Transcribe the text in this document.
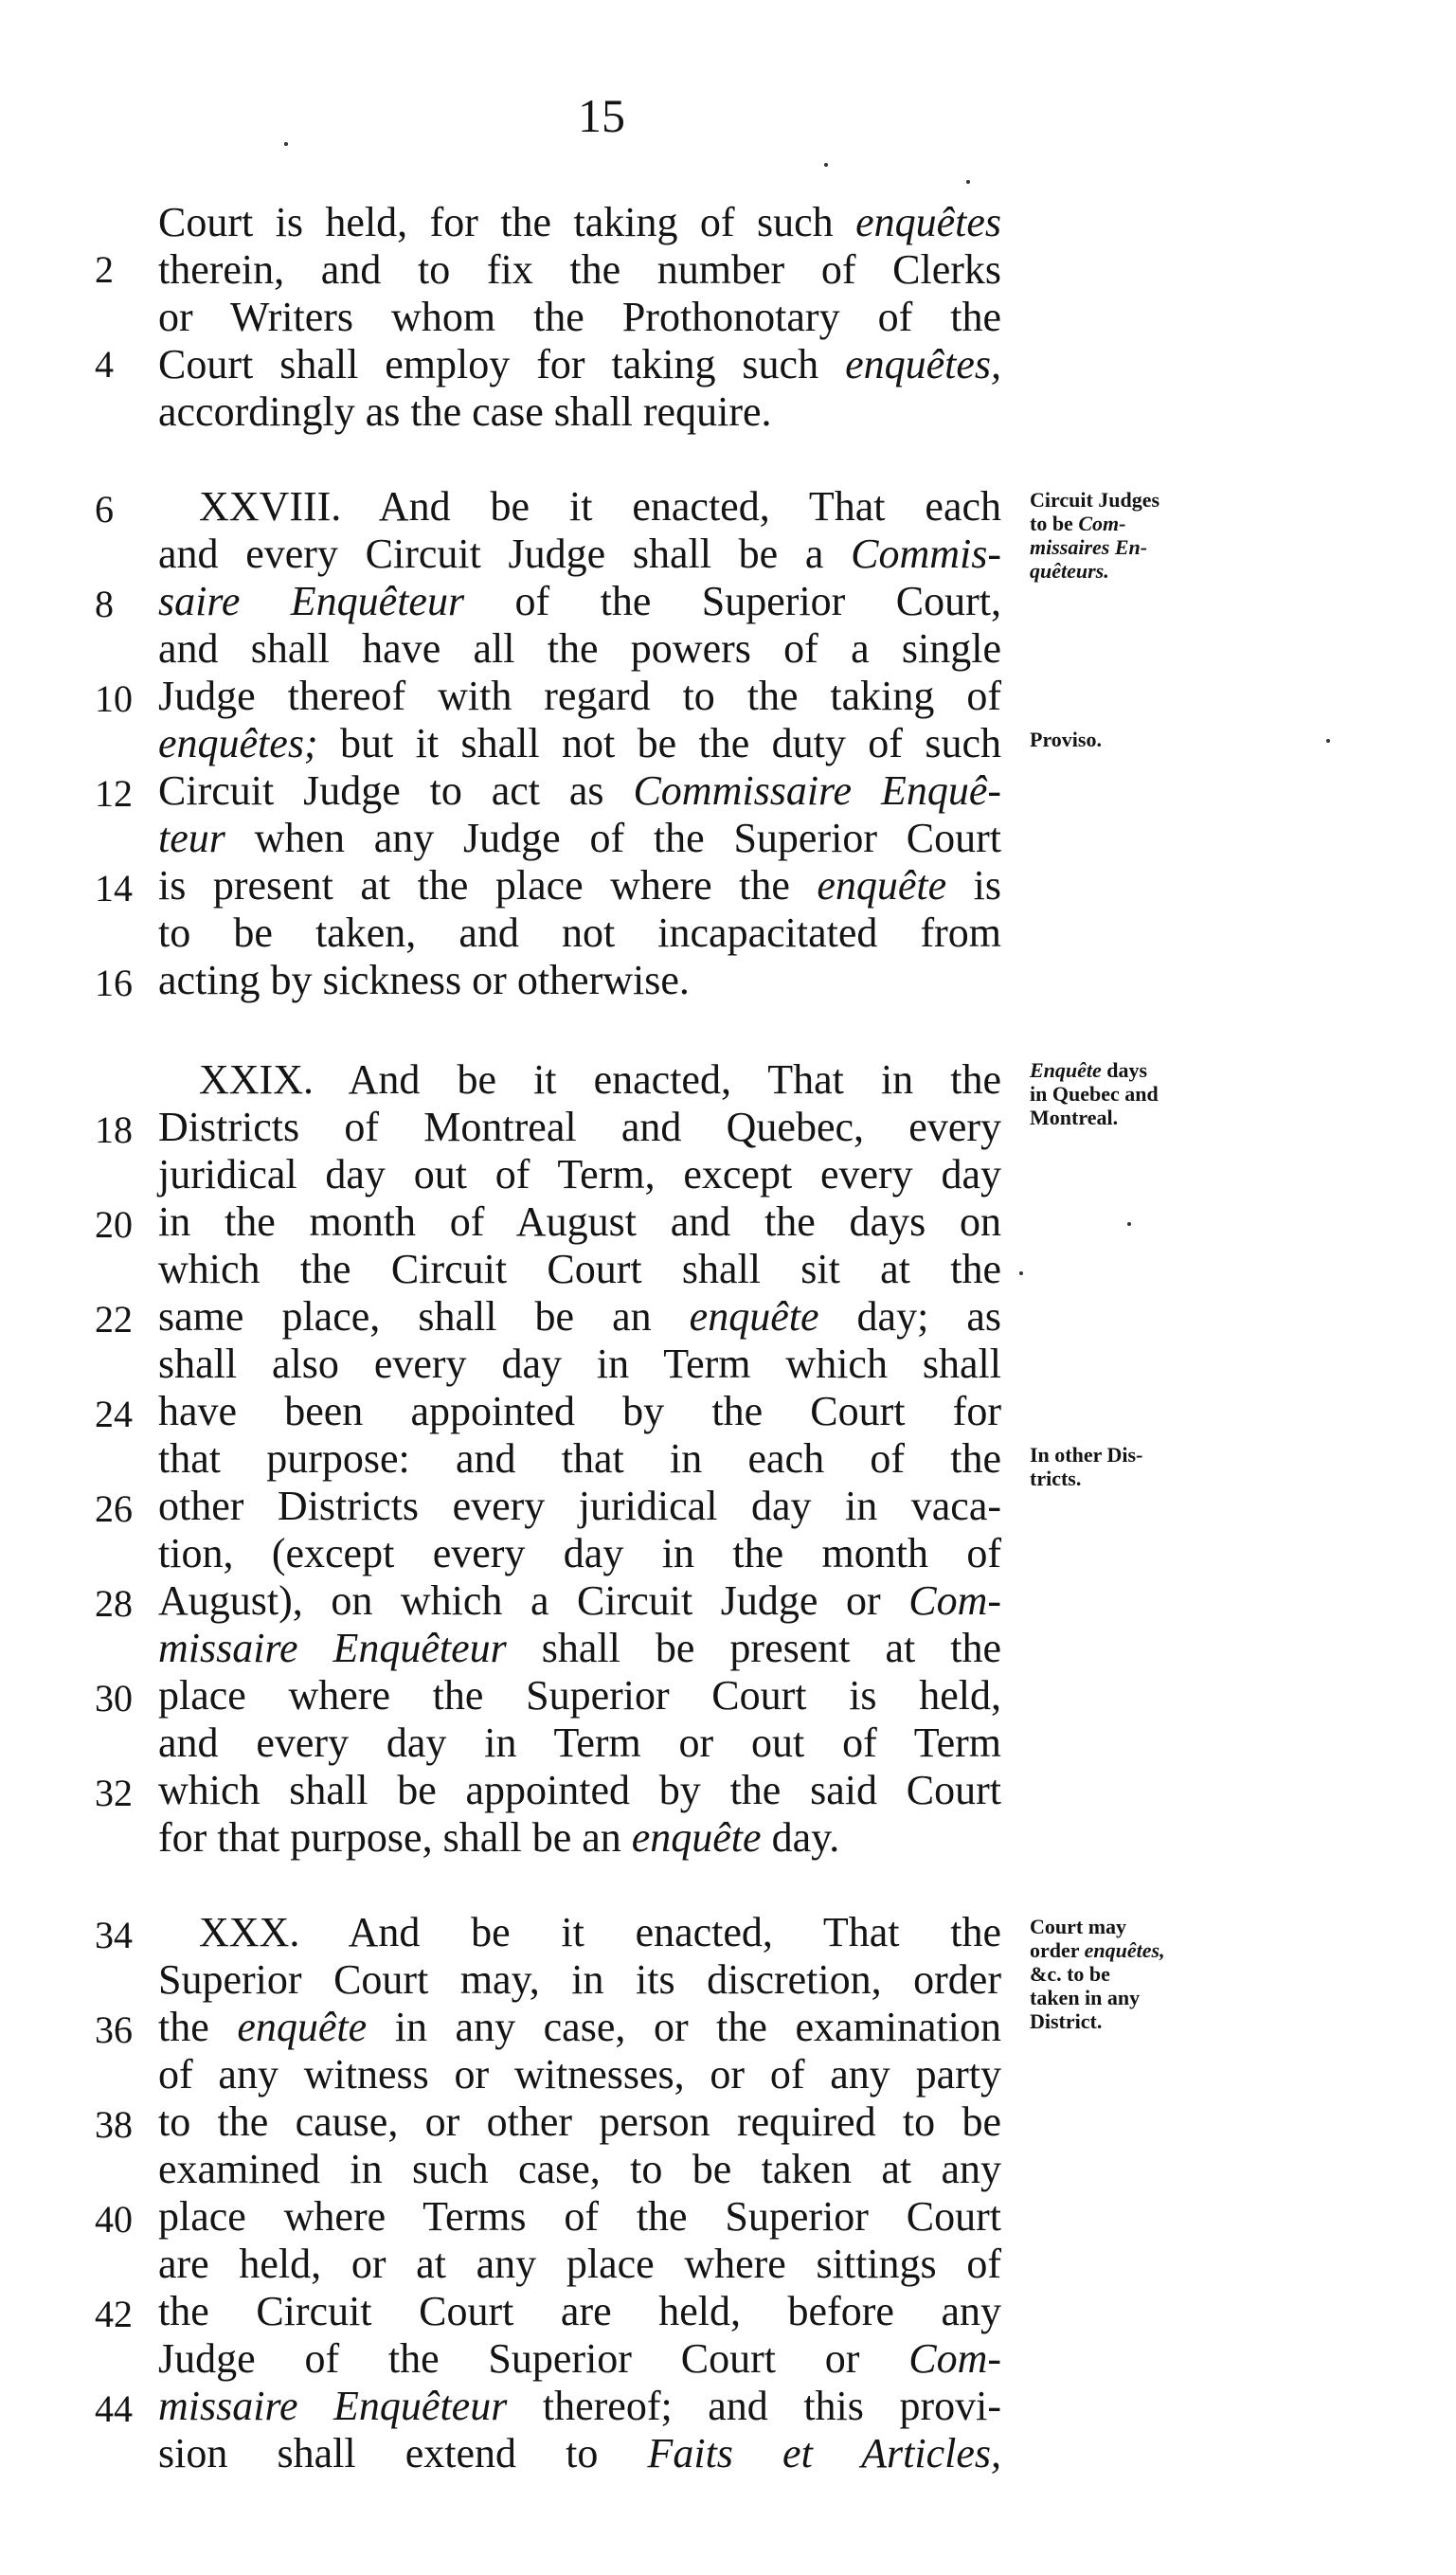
15
2
4
6
8
10
12
14
16
18
20
22
24
26
28
30
32
34
36
38
40
42
44
Court is held, for the taking of such enquêtes
therein, and to fix the number of Clerks
or Writers whom the Prothonotary of the
Court shall employ for taking such enquêtes,
accordingly as the case shall require.
XXVIII. And be it enacted, That each
and every Circuit Judge shall be a Commis-
saire Enquêteur of the Superior Court,
and shall have all the powers of a single
Judge thereof with regard to the taking of
enquêtes; but it shall not be the duty of such
Circuit Judge to act as Commissaire Enquê-
teur when any Judge of the Superior Court
is present at the place where the enquête is
to be taken, and not incapacitated from
acting by sickness or otherwise.
XXIX. And be it enacted, That in the
Districts of Montreal and Quebec, every
juridical day out of Term, except every day
in the month of August and the days on
which the Circuit Court shall sit at the
same place, shall be an enquête day; as
shall also every day in Term which shall
have been appointed by the Court for
that purpose: and that in each of the
other Districts every juridical day in vaca-
tion, (except every day in the month of
August), on which a Circuit Judge or Com-
missaire Enquêteur shall be present at the
place where the Superior Court is held,
and every day in Term or out of Term
which shall be appointed by the said Court
for that purpose, shall be an enquête day.
XXX. And be it enacted, That the
Superior Court may, in its discretion, order
the enquête in any case, or the examination
of any witness or witnesses, or of any party
to the cause, or other person required to be
examined in such case, to be taken at any
place where Terms of the Superior Court
are held, or at any place where sittings of
the Circuit Court are held, before any
Judge of the Superior Court or Com-
missaire Enquêteur thereof; and this provi-
sion shall extend to Faits et Articles,
Circuit Judges
to be Com-
missaires En-
quêteurs.
Proviso.
Enquête days
in Quebec and
Montreal.
In other Dis-
tricts.
Court may
order enquêtes,
&c. to be
taken in any
District.
